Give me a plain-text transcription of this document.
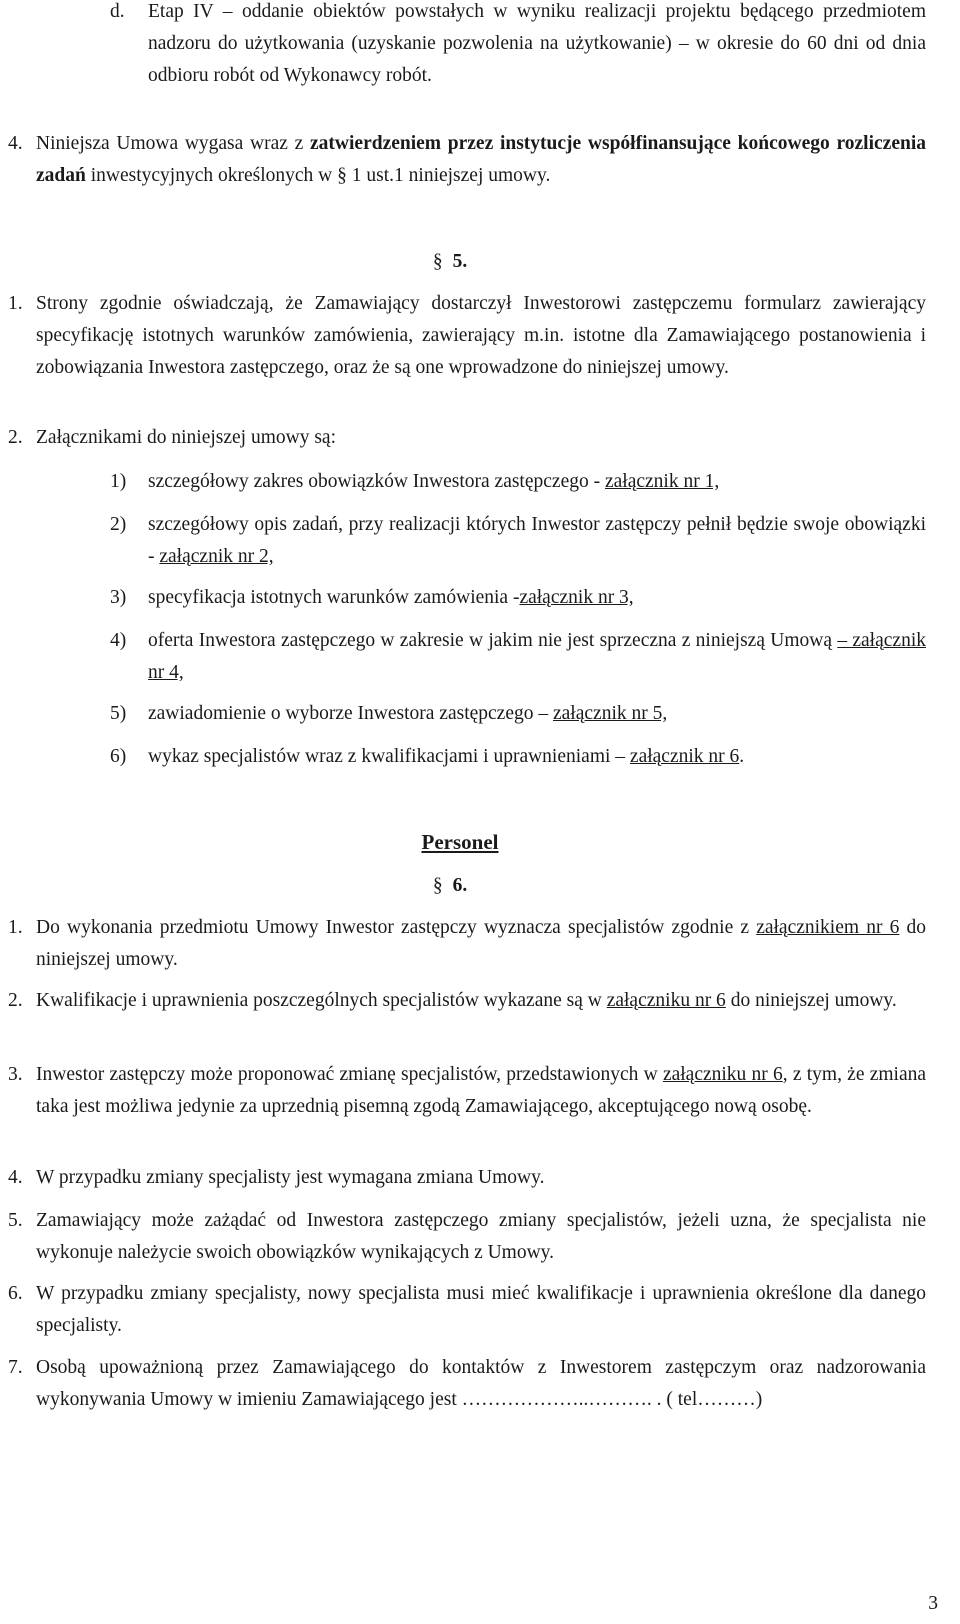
d. Etap IV – oddanie obiektów powstałych w wyniku realizacji projektu będącego przedmiotem nadzoru do użytkowania (uzyskanie pozwolenia na użytkowanie) – w okresie do 60 dni od dnia odbioru robót od Wykonawcy robót.
4. Niniejsza Umowa wygasa wraz z zatwierdzeniem przez instytucje współfinansujące końcowego rozliczenia zadań inwestycyjnych określonych w § 1 ust.1 niniejszej umowy.
§ 5.
1. Strony zgodnie oświadczają, że Zamawiający dostarczył Inwestorowi zastępczemu formularz zawierający specyfikację istotnych warunków zamówienia, zawierający m.in. istotne dla Zamawiającego postanowienia i zobowiązania Inwestora zastępczego, oraz że są one wprowadzone do niniejszej umowy.
2. Załącznikami do niniejszej umowy są:
1) szczegółowy zakres obowiązków Inwestora zastępczego - załącznik nr 1,
2) szczegółowy opis zadań, przy realizacji których Inwestor zastępczy pełnił będzie swoje obowiązki - załącznik nr 2,
3) specyfikacja istotnych warunków zamówienia -załącznik nr 3,
4) oferta Inwestora zastępczego w zakresie w jakim nie jest sprzeczna z niniejszą Umową – załącznik nr 4,
5) zawiadomienie o wyborze Inwestora zastępczego – załącznik nr 5,
6) wykaz specjalistów wraz z kwalifikacjami i uprawnieniami – załącznik nr 6.
Personel
§ 6.
1. Do wykonania przedmiotu Umowy Inwestor zastępczy wyznacza specjalistów zgodnie z załącznikiem nr 6 do niniejszej umowy.
2. Kwalifikacje i uprawnienia poszczególnych specjalistów wykazane są w załączniku nr 6 do niniejszej umowy.
3. Inwestor zastępczy może proponować zmianę specjalistów, przedstawionych w załączniku nr 6, z tym, że zmiana taka jest możliwa jedynie za uprzednią pisemną zgodą Zamawiającego, akceptującego nową osobę.
4. W przypadku zmiany specjalisty jest wymagana zmiana Umowy.
5. Zamawiający może zażądać od Inwestora zastępczego zmiany specjalistów, jeżeli uzna, że specjalista nie wykonuje należycie swoich obowiązków wynikających z Umowy.
6. W przypadku zmiany specjalisty, nowy specjalista musi mieć kwalifikacje i uprawnienia określone dla danego specjalisty.
7. Osobą upoważnioną przez Zamawiającego do kontaktów z Inwestorem zastępczym oraz nadzorowania wykonywania Umowy w imieniu Zamawiającego jest ………………..………. . ( tel………)
3
